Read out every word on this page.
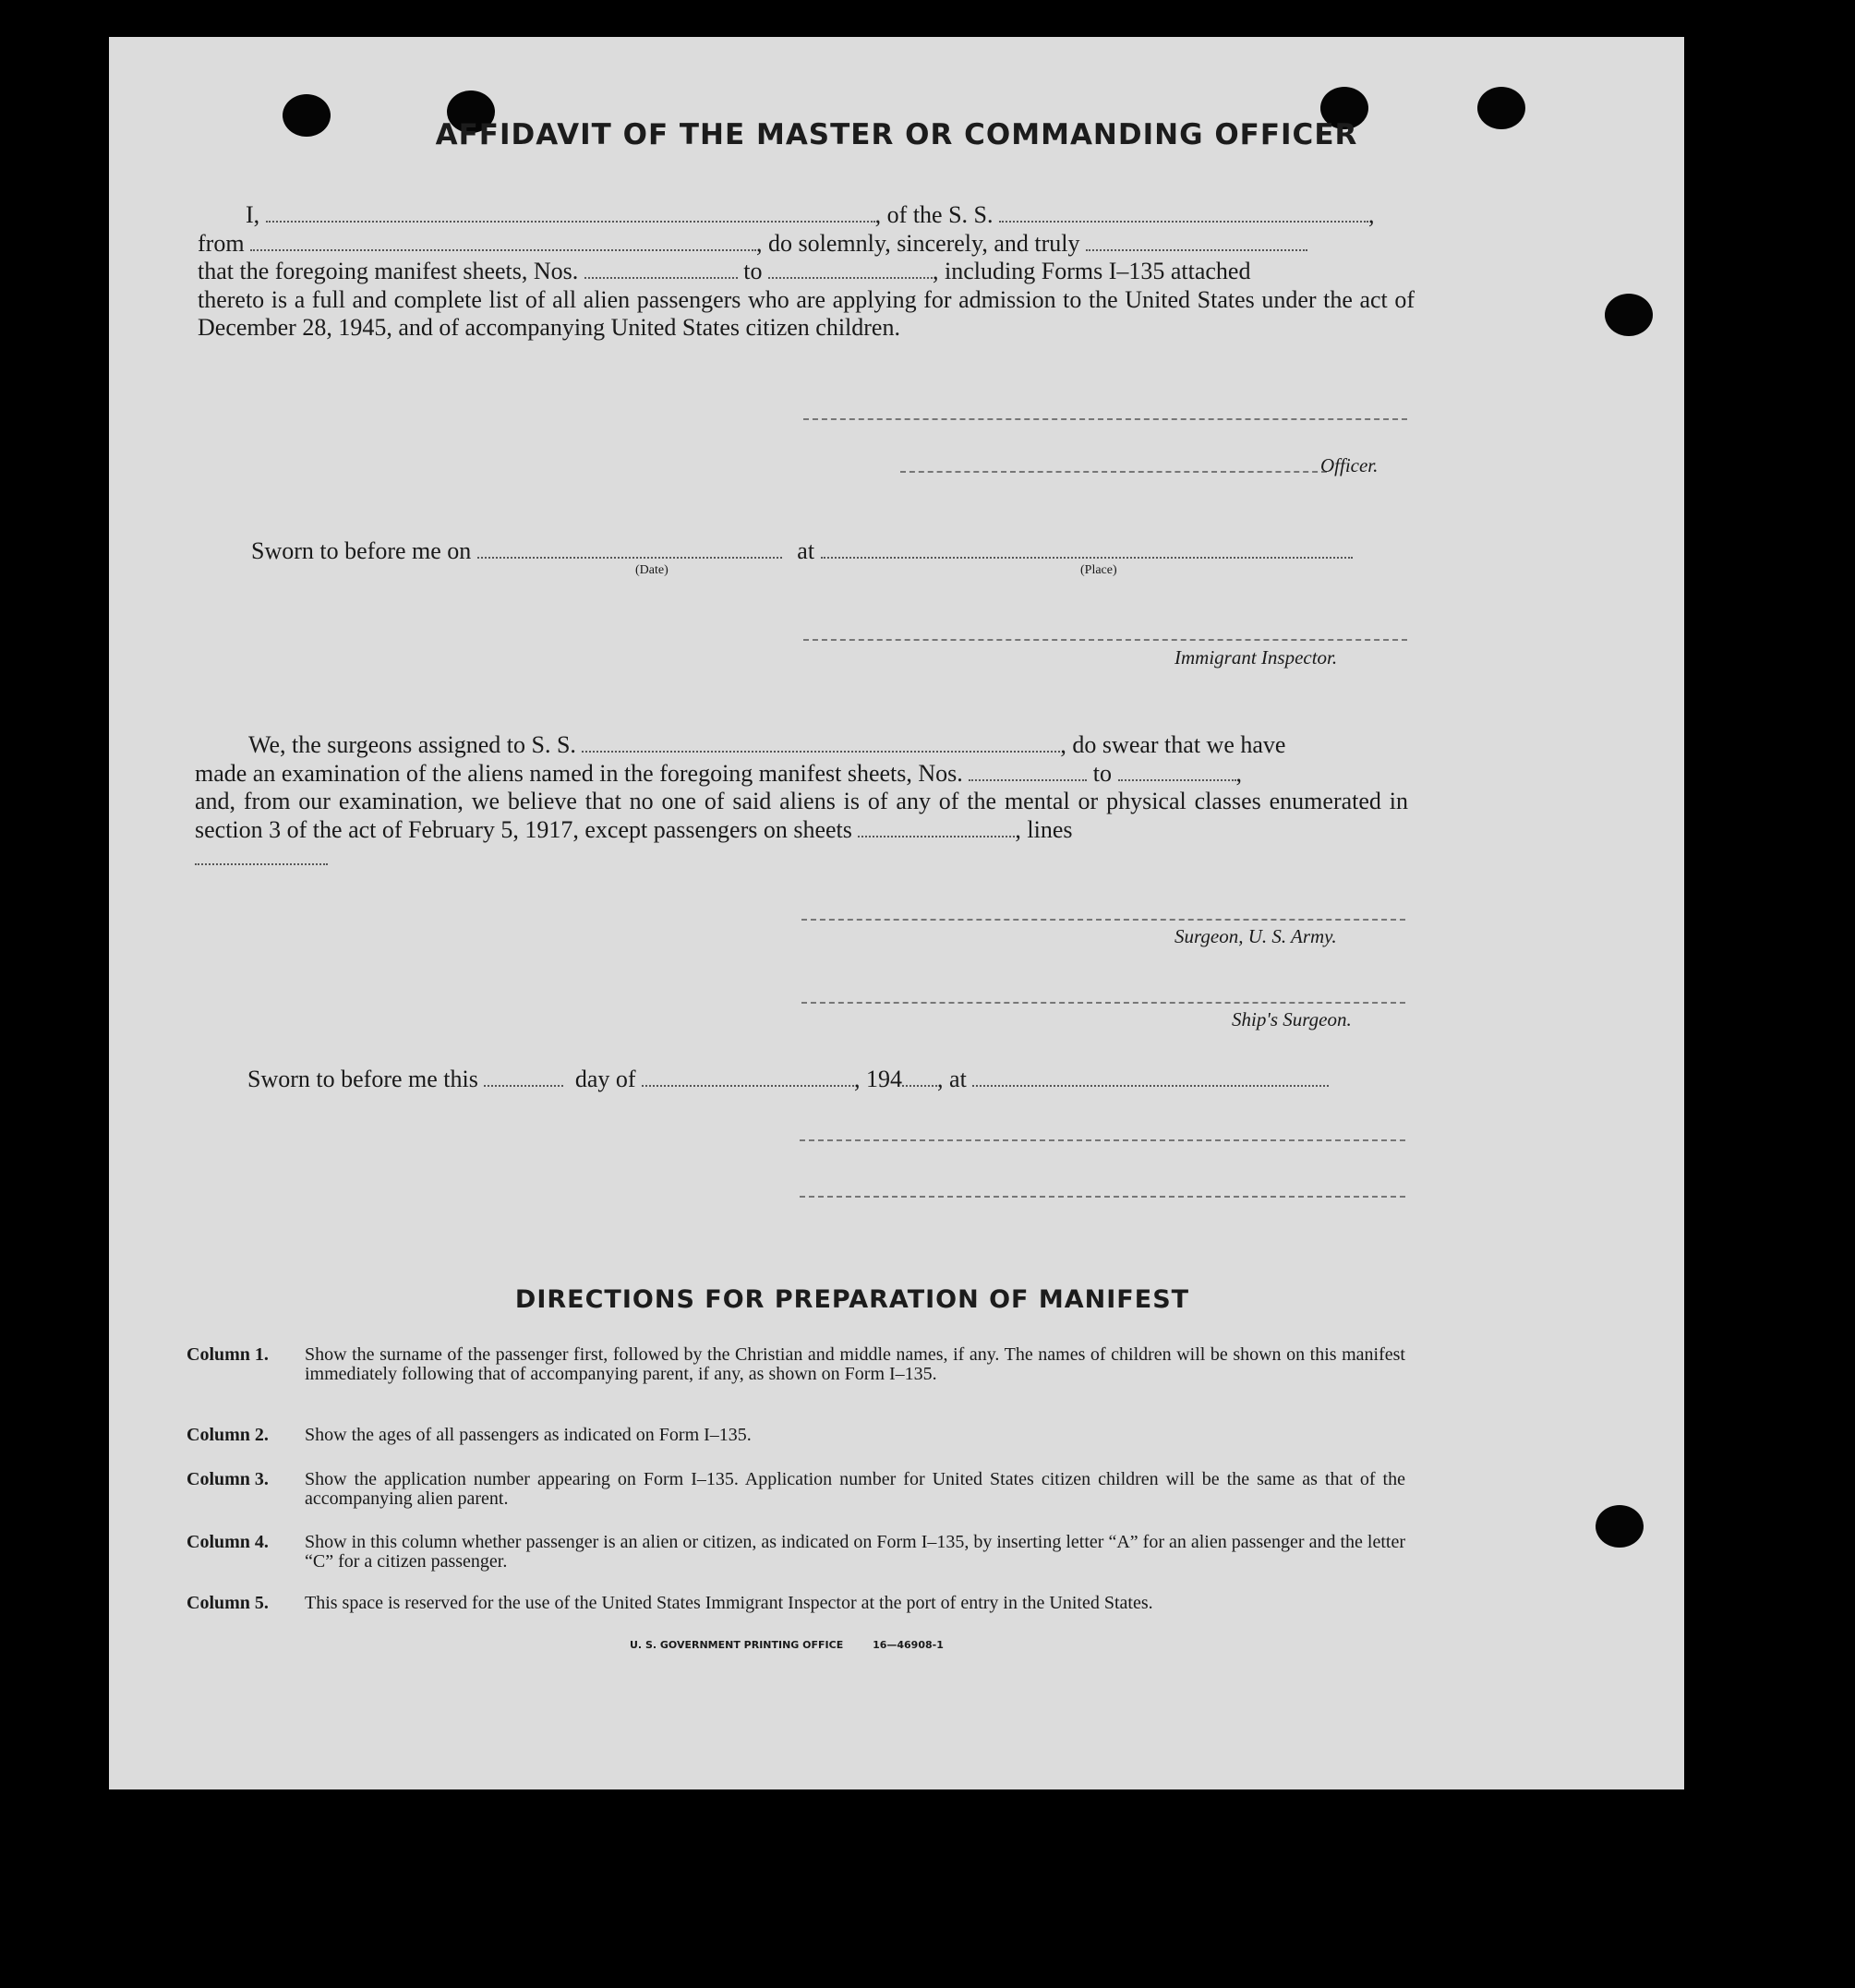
AFFIDAVIT OF THE MASTER OR COMMANDING OFFICER
I,	, of the S. S.	,
from	, do solemnly, sincerely, and truly
that the foregoing manifest sheets, Nos.	to	, including Forms I–135 attached
thereto is a full and complete list of all alien passengers who are applying for admission to the United States under the act of December 28, 1945, and of accompanying United States citizen children.
Officer.
Sworn to before me on	at
(Date)	(Place)
Immigrant Inspector.
We, the surgeons assigned to S. S.	, do swear that we have
made an examination of the aliens named in the foregoing manifest sheets, Nos.	to	,
and, from our examination, we believe that no one of said aliens is of any of the mental or physical classes enumerated in section 3 of the act of February 5, 1917, except passengers on sheets	, lines
Surgeon, U. S. Army.
Ship's Surgeon.
Sworn to before me this	day of	, 194 , at
DIRECTIONS FOR PREPARATION OF MANIFEST
Column 1. Show the surname of the passenger first, followed by the Christian and middle names, if any. The names of children will be shown on this manifest immediately following that of accompanying parent, if any, as shown on Form I–135.
Column 2. Show the ages of all passengers as indicated on Form I–135.
Column 3. Show the application number appearing on Form I–135. Application number for United States citizen children will be the same as that of the accompanying alien parent.
Column 4. Show in this column whether passenger is an alien or citizen, as indicated on Form I–135, by inserting letter “A” for an alien passenger and the letter “C” for a citizen passenger.
Column 5. This space is reserved for the use of the United States Immigrant Inspector at the port of entry in the United States.
U. S. GOVERNMENT PRINTING OFFICE	16—46908-1
